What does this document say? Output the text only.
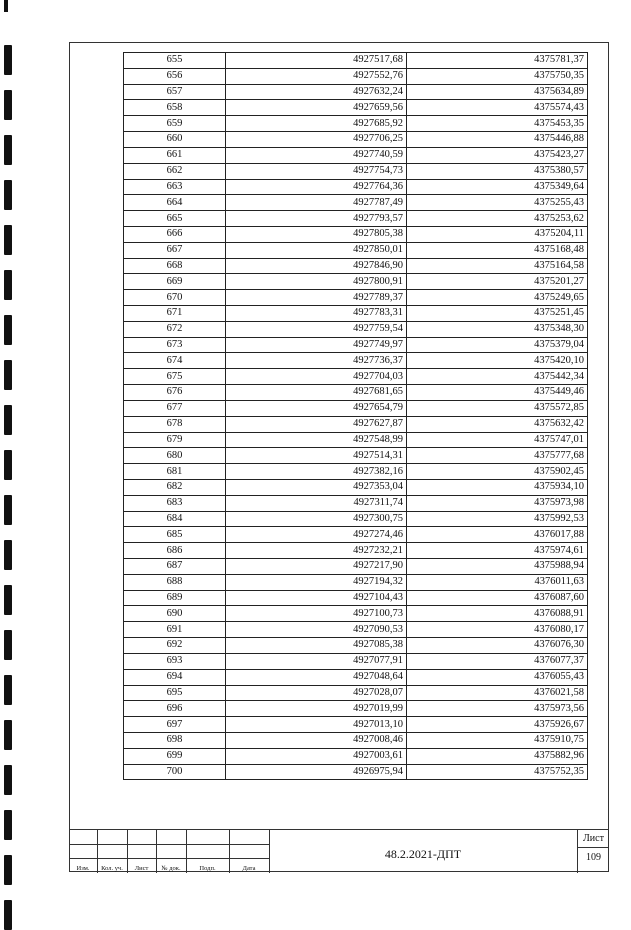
655	4927517,68	4375781,37
656	4927552,76	4375750,35
657	4927632,24	4375634,89
658	4927659,56	4375574,43
659	4927685,92	4375453,35
660	4927706,25	4375446,88
661	4927740,59	4375423,27
662	4927754,73	4375380,57
663	4927764,36	4375349,64
664	4927787,49	4375255,43
665	4927793,57	4375253,62
666	4927805,38	4375204,11
667	4927850,01	4375168,48
668	4927846,90	4375164,58
669	4927800,91	4375201,27
670	4927789,37	4375249,65
671	4927783,31	4375251,45
672	4927759,54	4375348,30
673	4927749,97	4375379,04
674	4927736,37	4375420,10
675	4927704,03	4375442,34
676	4927681,65	4375449,46
677	4927654,79	4375572,85
678	4927627,87	4375632,42
679	4927548,99	4375747,01
680	4927514,31	4375777,68
681	4927382,16	4375902,45
682	4927353,04	4375934,10
683	4927311,74	4375973,98
684	4927300,75	4375992,53
685	4927274,46	4376017,88
686	4927232,21	4375974,61
687	4927217,90	4375988,94
688	4927194,32	4376011,63
689	4927104,43	4376087,60
690	4927100,73	4376088,91
691	4927090,53	4376080,17
692	4927085,38	4376076,30
693	4927077,91	4376077,37
694	4927048,64	4376055,43
695	4927028,07	4376021,58
696	4927019,99	4375973,56
697	4927013,10	4375926,67
698	4927008,46	4375910,75
699	4927003,61	4375882,96
700	4926975,94	4375752,35
Изм.	Кол. уч.	Лист	№ док.	Подп.	Дата
48.2.2021-ДПТ
Лист
109
